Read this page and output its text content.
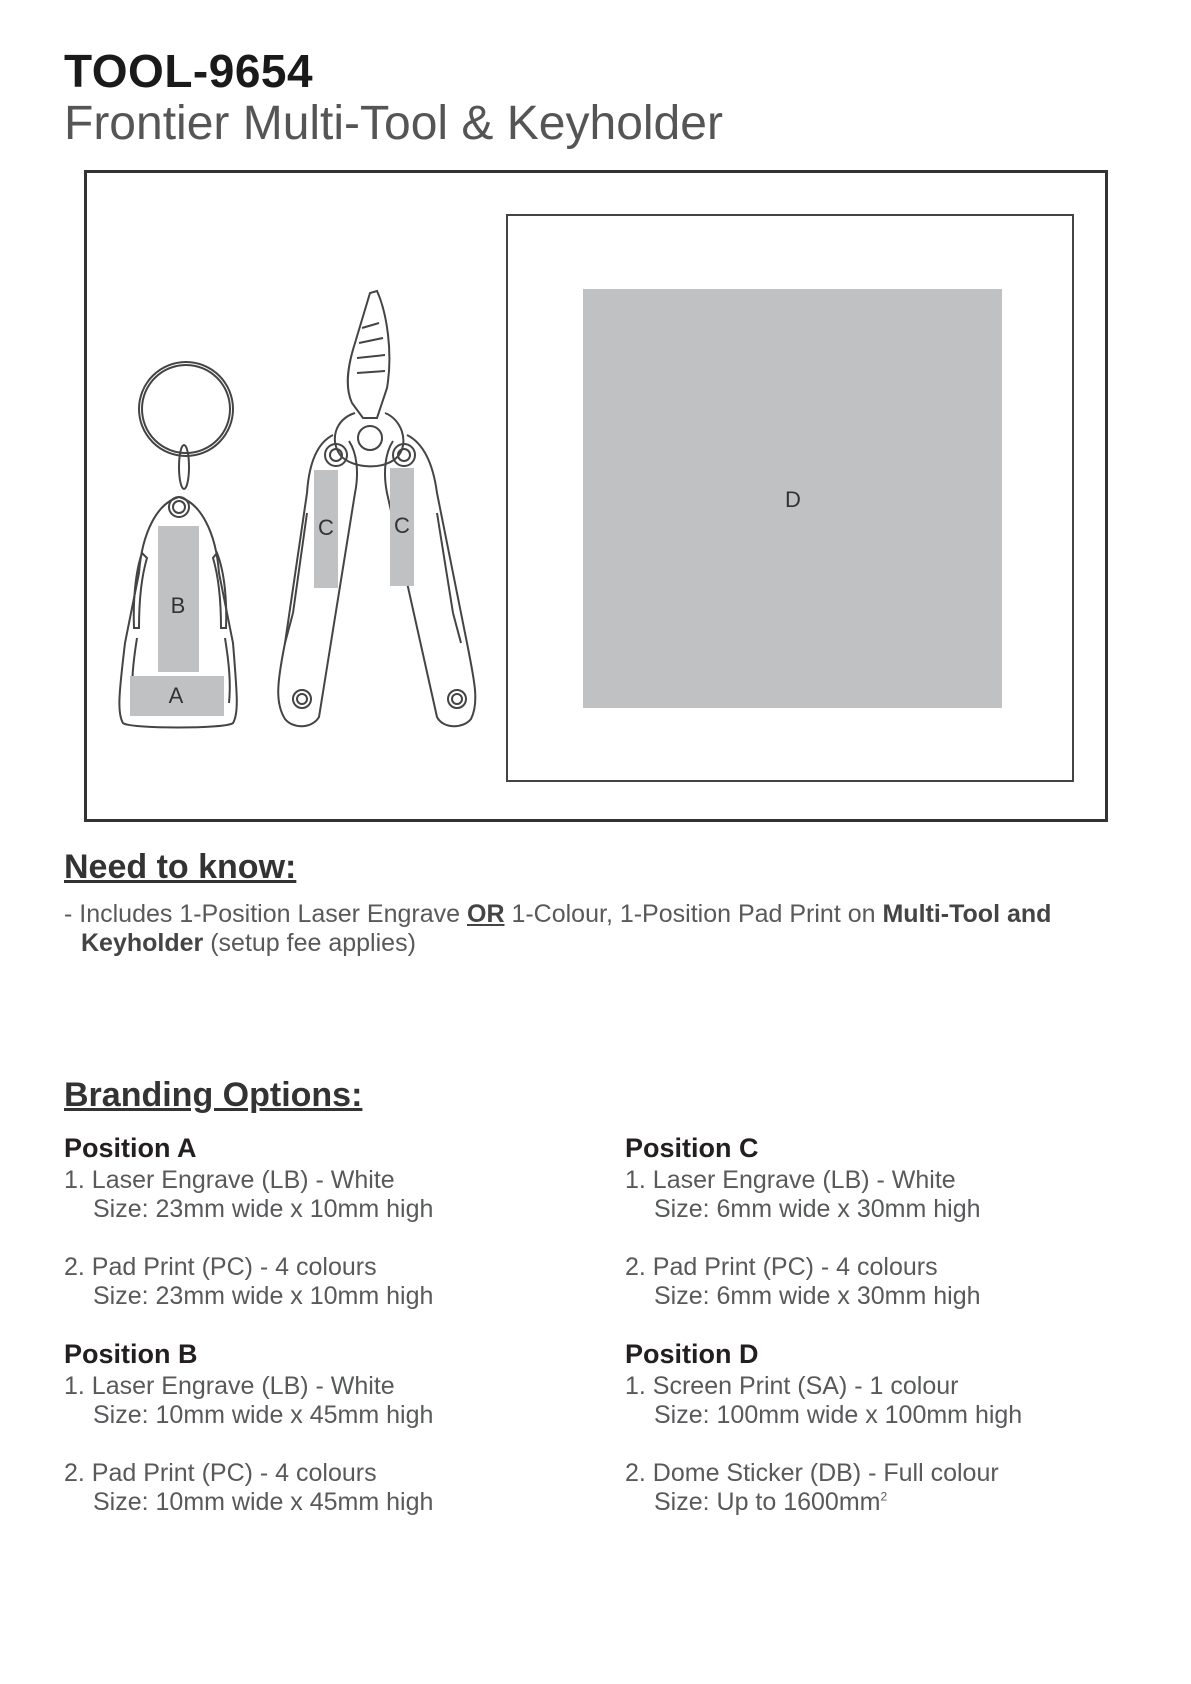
TOOL-9654
Frontier Multi-Tool & Keyholder
B
A
C	C
D
Need to know:
- Includes 1-Position Laser Engrave OR 1-Colour, 1-Position Pad Print on Multi-Tool and
Keyholder (setup fee applies)
Branding Options:
Position A
1. Laser Engrave (LB) - White
Size: 23mm wide x 10mm high
2. Pad Print (PC) - 4 colours
Size: 23mm wide x 10mm high
Position B
1. Laser Engrave (LB) - White
Size: 10mm wide x 45mm high
2. Pad Print (PC) - 4 colours
Size: 10mm wide x 45mm high
Position C
1. Laser Engrave (LB) - White
Size: 6mm wide x 30mm high
2. Pad Print (PC) - 4 colours
Size: 6mm wide x 30mm high
Position D
1. Screen Print (SA) - 1 colour
Size: 100mm wide x 100mm high
2. Dome Sticker (DB) - Full colour
Size: Up to $1600mm^2$
